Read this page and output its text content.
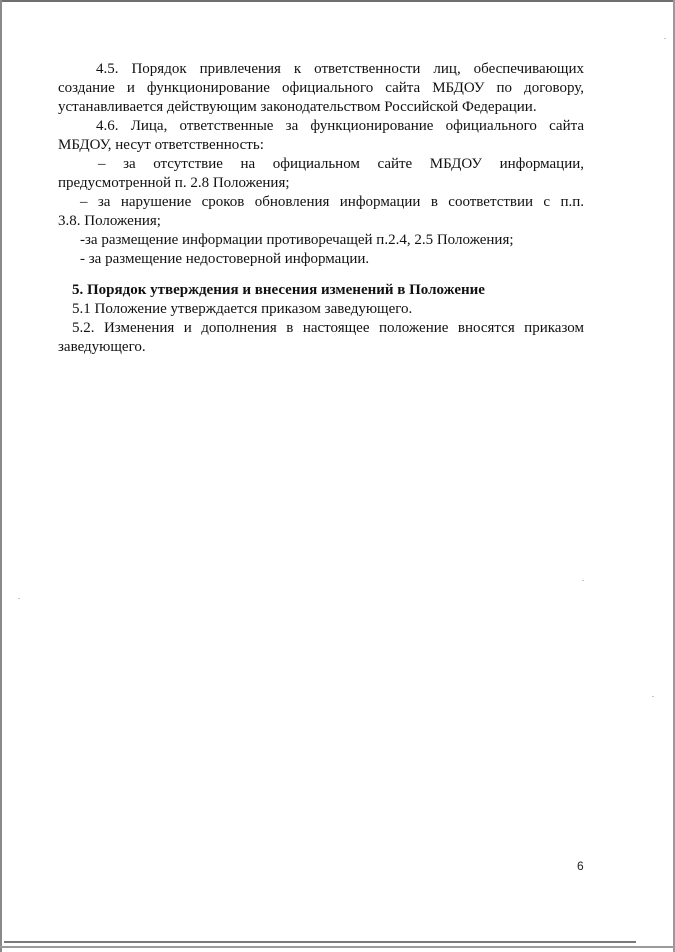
4.5. Порядок привлечения к ответственности лиц, обеспечивающих
создание и функционирование официального сайта МБДОУ по договору,
устанавливается действующим законодательством Российской Федерации.
4.6. Лица, ответственные за функционирование официального сайта
МБДОУ, несут ответственность:
– за отсутствие на официальном сайте МБДОУ информации,
предусмотренной п. 2.8 Положения;
– за нарушение сроков обновления информации в соответствии с п.п.
3.8. Положения;
-за размещение информации противоречащей п.2.4, 2.5 Положения;
- за размещение недостоверной информации.
5. Порядок утверждения и внесения изменений в Положение
5.1 Положение утверждается приказом заведующего.
5.2. Изменения и дополнения в настоящее положение вносятся приказом
заведующего.
6
